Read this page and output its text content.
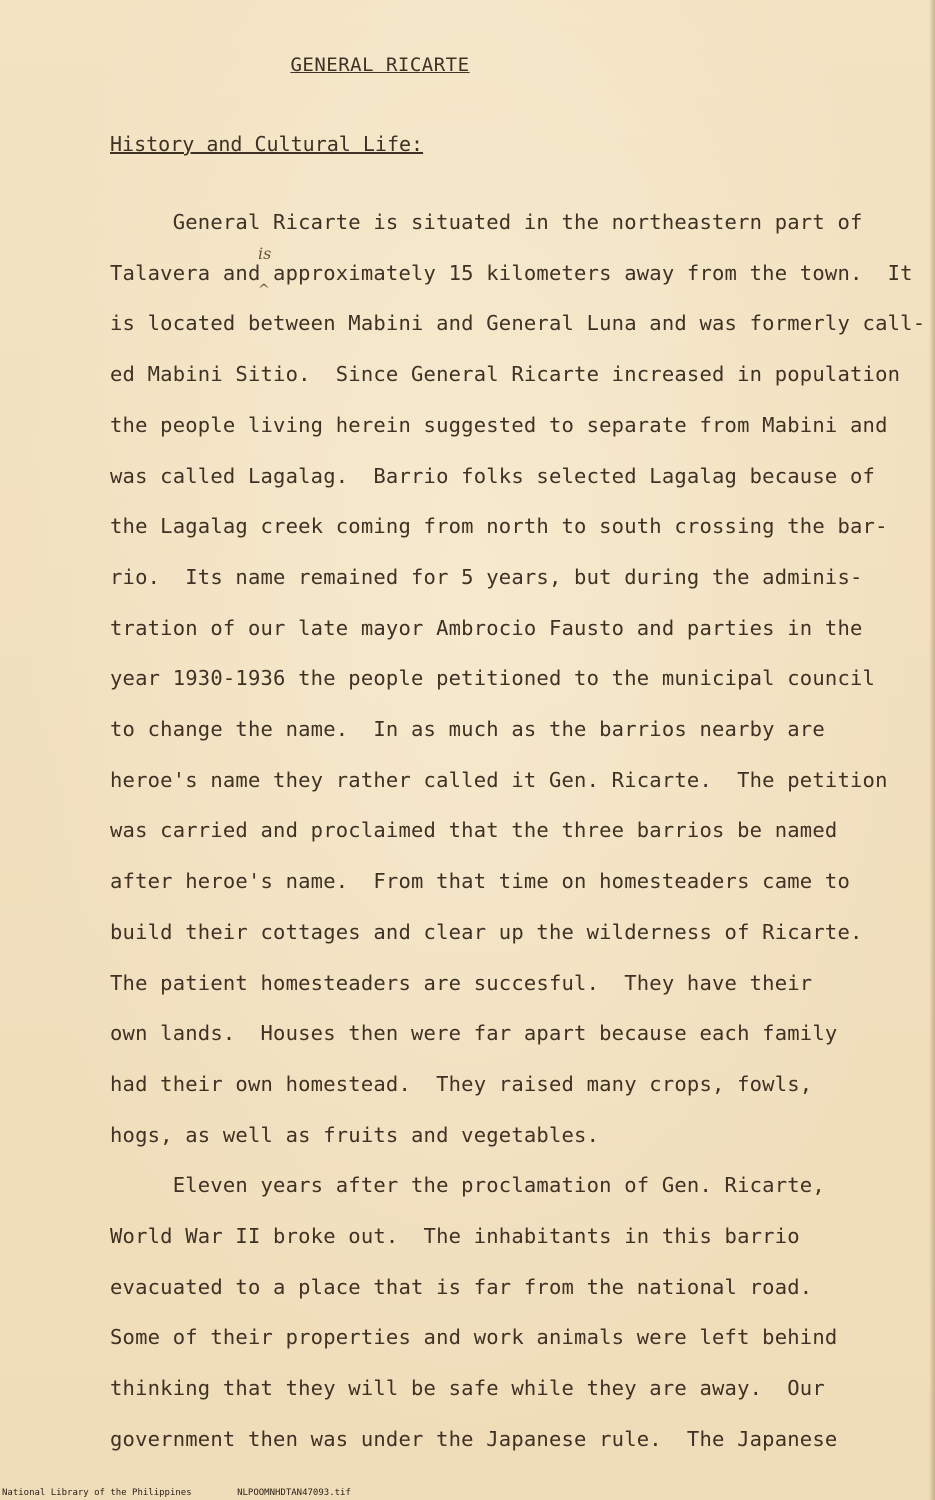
GENERAL RICARTE
History and Cultural Life:
is
^
General Ricarte is situated in the northeastern part of
Talavera and approximately 15 kilometers away from the town.  It
is located between Mabini and General Luna and was formerly call-
ed Mabini Sitio.  Since General Ricarte increased in population
the people living herein suggested to separate from Mabini and
was called Lagalag.  Barrio folks selected Lagalag because of
the Lagalag creek coming from north to south crossing the bar-
rio.  Its name remained for 5 years, but during the adminis-
tration of our late mayor Ambrocio Fausto and parties in the
year 1930-1936 the people petitioned to the municipal council
to change the name.  In as much as the barrios nearby are
heroe's name they rather called it Gen. Ricarte.  The petition
was carried and proclaimed that the three barrios be named
after heroe's name.  From that time on homesteaders came to
build their cottages and clear up the wilderness of Ricarte.
The patient homesteaders are succesful.  They have their
own lands.  Houses then were far apart because each family
had their own homestead.  They raised many crops, fowls,
hogs, as well as fruits and vegetables.
Eleven years after the proclamation of Gen. Ricarte,
World War II broke out.  The inhabitants in this barrio
evacuated to a place that is far from the national road.
Some of their properties and work animals were left behind
thinking that they will be safe while they are away.  Our
government then was under the Japanese rule.  The Japanese
National Library of the Philippines	NLPOOMNHDTAN47093.tif
